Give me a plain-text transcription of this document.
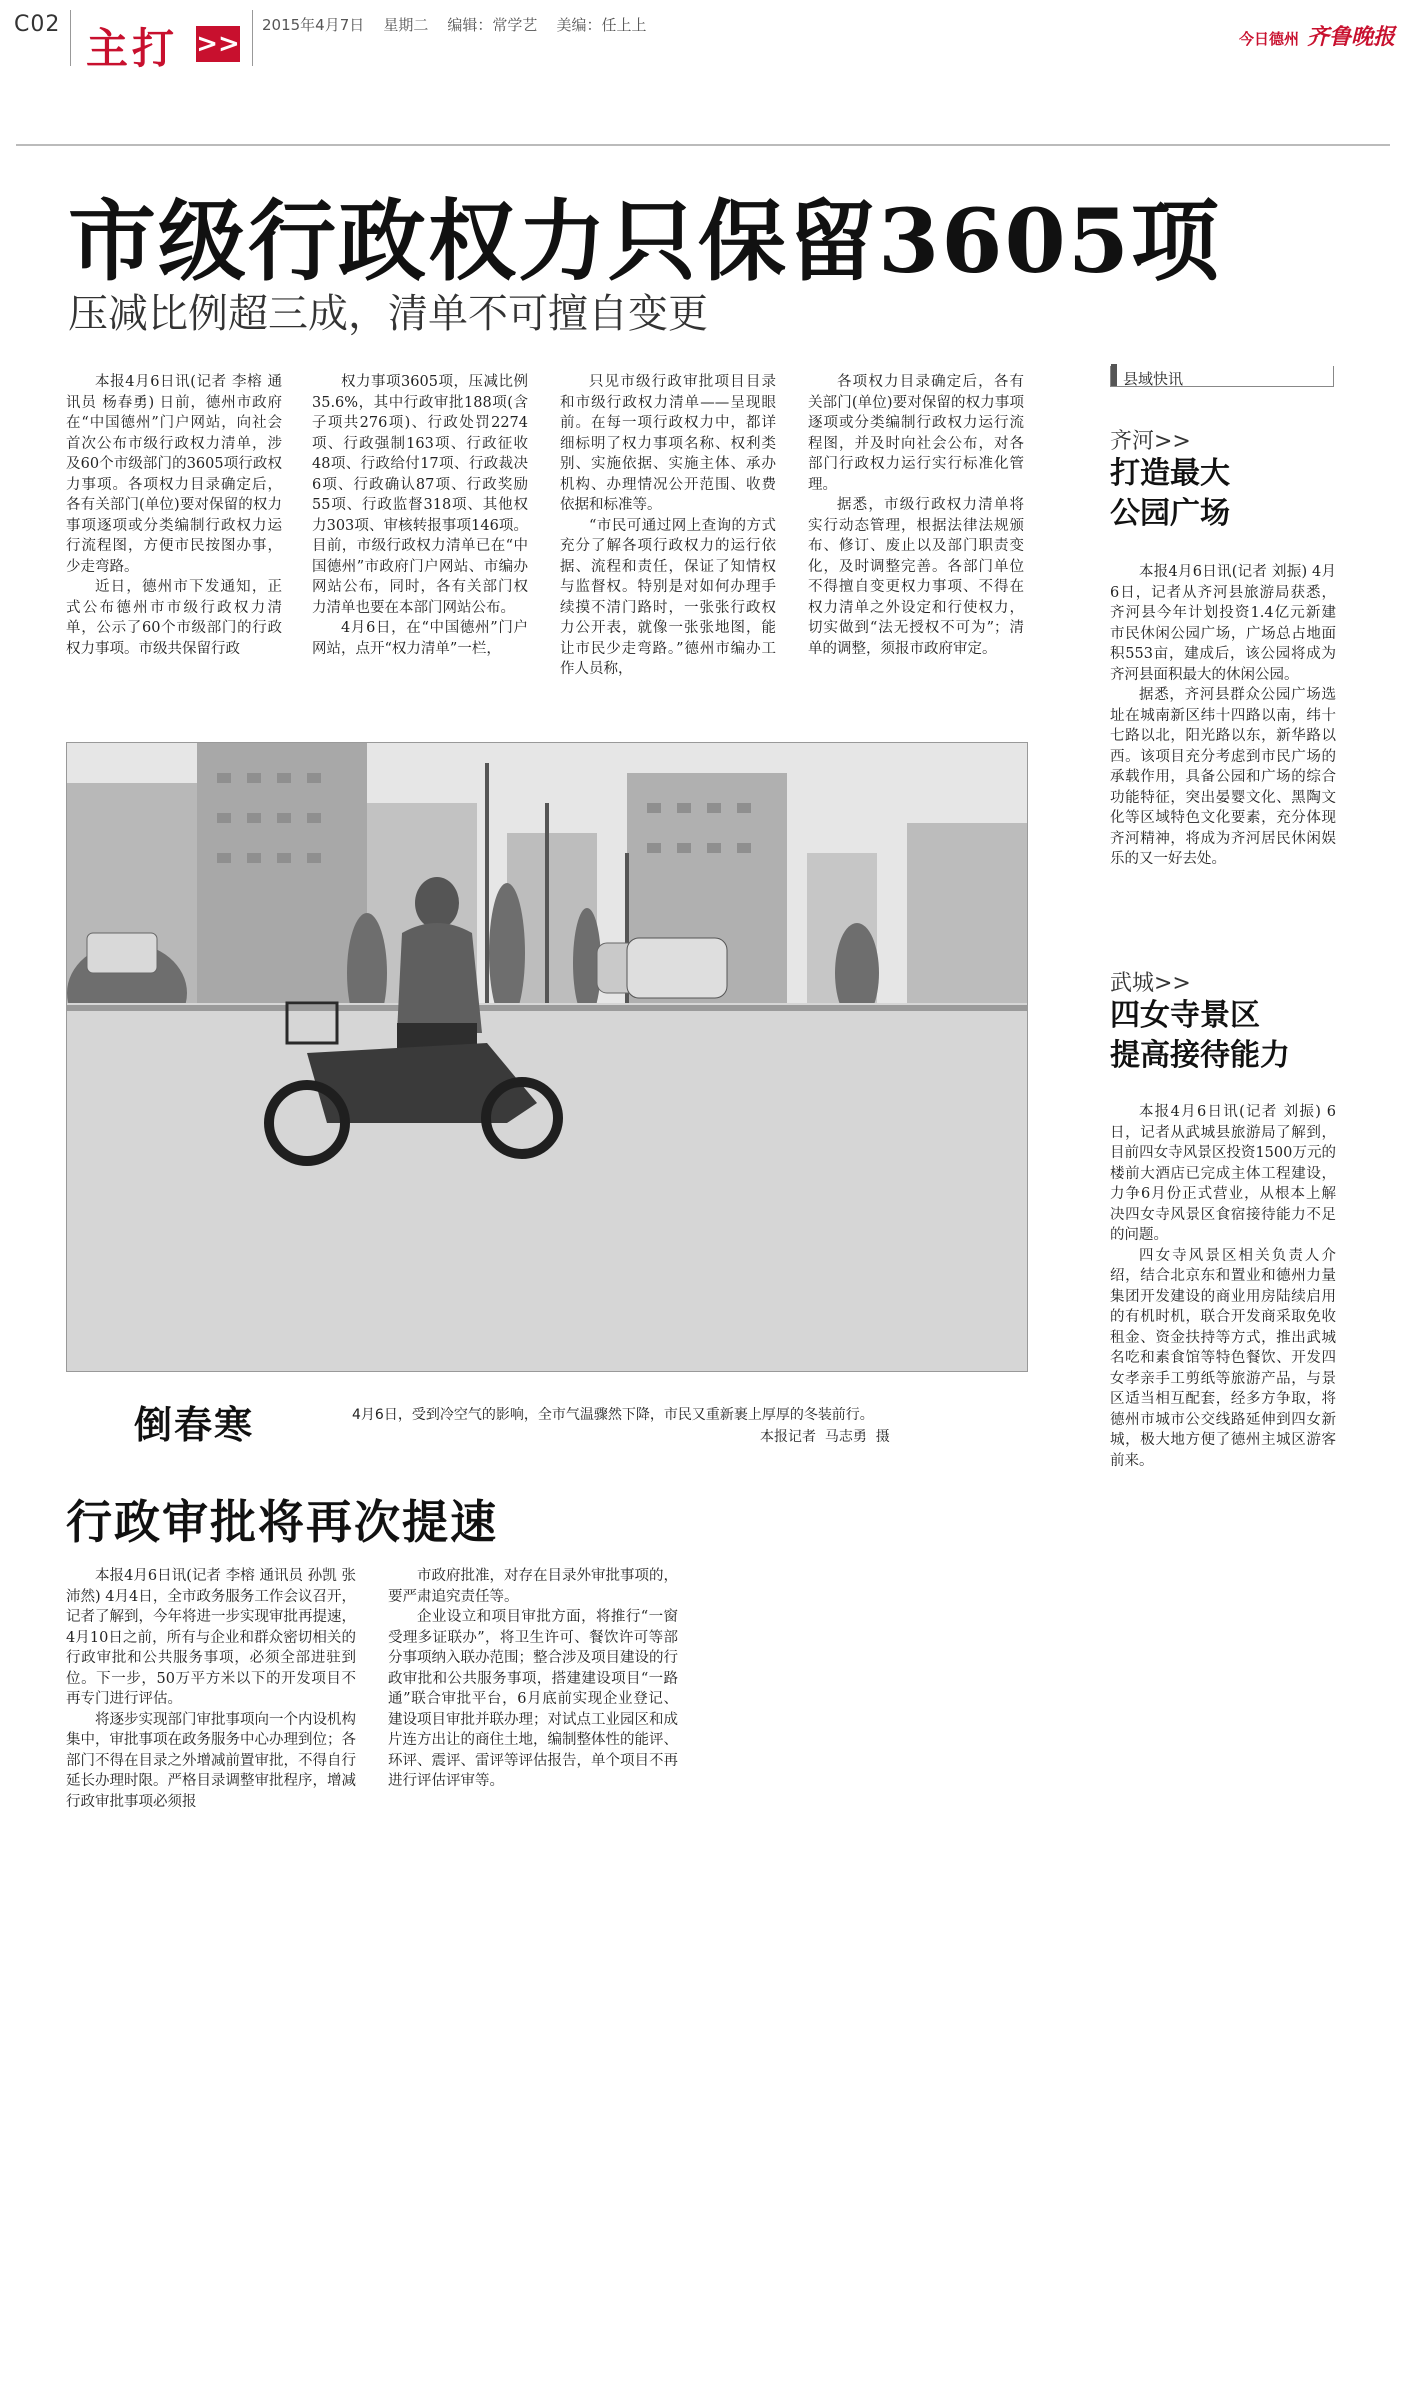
C02 主打 >>
2015年4月7日    星期二    编辑：常学艺    美编：任上上
今日德州 齐鲁晚报
市级行政权力只保留3605项
压减比例超三成，清单不可擅自变更

本报4月6日讯(记者 李榕 通讯员 杨春勇) 日前，德州市政府在“中国德州”门户网站，向社会首次公布市级行政权力清单，涉及60个市级部门的3605项行政权力事项。各项权力目录确定后，各有关部门(单位)要对保留的权力事项逐项或分类编制行政权力运行流程图，方便市民按图办事，少走弯路。

近日，德州市下发通知，正式公布德州市市级行政权力清单，公示了60个市级部门的行政权力事项。市级共保留行政

权力事项3605项，压减比例35.6%，其中行政审批188项(含子项共276项)、行政处罚2274项、行政强制163项、行政征收48项、行政给付17项、行政裁决6项、行政确认87项、行政奖励55项、行政监督318项、其他权力303项、审核转报事项146项。目前，市级行政权力清单已在“中国德州”市政府门户网站、市编办网站公布，同时，各有关部门权力清单也要在本部门网站公布。

4月6日，在“中国德州”门户网站，点开“权力清单”一栏，

只见市级行政审批项目目录和市级行政权力清单——呈现眼前。在每一项行政权力中，都详细标明了权力事项名称、权利类别、实施依据、实施主体、承办机构、办理情况公开范围、收费依据和标准等。

“市民可通过网上查询的方式充分了解各项行政权力的运行依据、流程和责任，保证了知情权与监督权。特别是对如何办理手续摸不清门路时，一张张行政权力公开表，就像一张张地图，能让市民少走弯路。”德州市编办工作人员称，

各项权力目录确定后，各有关部门(单位)要对保留的权力事项逐项或分类编制行政权力运行流程图，并及时向社会公布，对各部门行政权力运行实行标准化管理。

据悉，市级行政权力清单将实行动态管理，根据法律法规颁布、修订、废止以及部门职责变化，及时调整完善。各部门单位不得擅自变更权力事项、不得在权力清单之外设定和行使权力，切实做到“法无授权不可为”；清单的调整，须报市政府审定。

倒春寒	4月6日，受到冷空气的影响，全市气温骤然下降，市民又重新裹上厚厚的冬装前行。
本报记者  马志勇  摄
行政审批将再次提速

本报4月6日讯(记者 李榕 通讯员 孙凯 张沛然) 4月4日，全市政务服务工作会议召开，记者了解到，今年将进一步实现审批再提速，4月10日之前，所有与企业和群众密切相关的行政审批和公共服务事项，必须全部进驻到位。下一步，50万平方米以下的开发项目不再专门进行评估。

将逐步实现部门审批事项向一个内设机构集中，审批事项在政务服务中心办理到位；各部门不得在目录之外增减前置审批，不得自行延长办理时限。严格目录调整审批程序，增减行政审批事项必须报

市政府批准，对存在目录外审批事项的，要严肃追究责任等。

企业设立和项目审批方面，将推行“一窗受理多证联办”，将卫生许可、餐饮许可等部分事项纳入联办范围；整合涉及项目建设的行政审批和公共服务事项，搭建建设项目“一路通”联合审批平台，6月底前实现企业登记、建设项目审批并联办理；对试点工业园区和成片连方出让的商住土地，编制整体性的能评、环评、震评、雷评等评估报告，单个项目不再进行评估评审等。

县域快讯
齐河>>
打造最大
公园广场

本报4月6日讯(记者 刘振) 4月6日，记者从齐河县旅游局获悉，齐河县今年计划投资1.4亿元新建市民休闲公园广场，广场总占地面积553亩，建成后，该公园将成为齐河县面积最大的休闲公园。

据悉，齐河县群众公园广场选址在城南新区纬十四路以南，纬十七路以北，阳光路以东，新华路以西。该项目充分考虑到市民广场的承载作用，具备公园和广场的综合功能特征，突出晏婴文化、黑陶文化等区域特色文化要素，充分体现齐河精神，将成为齐河居民休闲娱乐的又一好去处。

武城>>
四女寺景区
提高接待能力

本报4月6日讯(记者 刘振) 6日，记者从武城县旅游局了解到，目前四女寺风景区投资1500万元的楼前大酒店已完成主体工程建设，力争6月份正式营业，从根本上解决四女寺风景区食宿接待能力不足的问题。

四女寺风景区相关负责人介绍，结合北京东和置业和德州力量集团开发建设的商业用房陆续启用的有机时机，联合开发商采取免收租金、资金扶持等方式，推出武城名吃和素食馆等特色餐饮、开发四女孝亲手工剪纸等旅游产品，与景区适当相互配套，经多方争取，将德州市城市公交线路延伸到四女新城，极大地方便了德州主城区游客前来。
